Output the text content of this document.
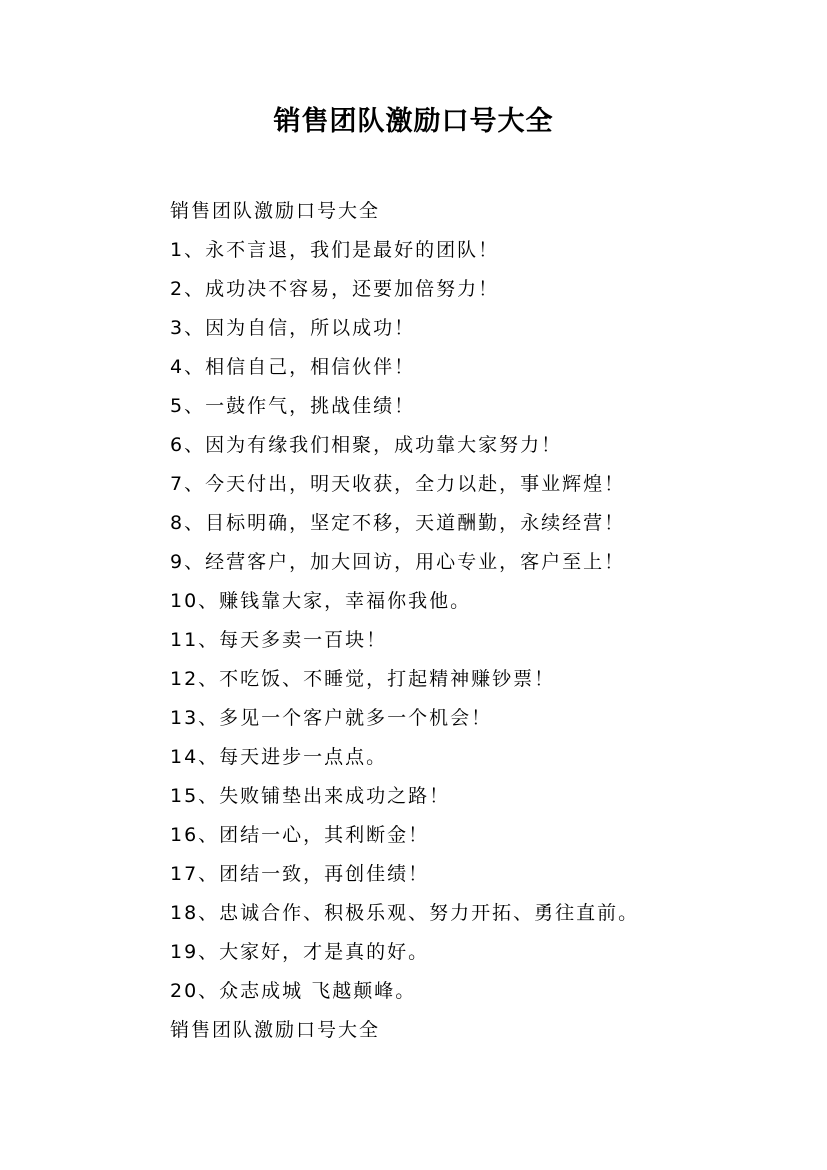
销售团队激励口号大全
销售团队激励口号大全
1、永不言退，我们是最好的团队！
2、成功决不容易，还要加倍努力！
3、因为自信，所以成功！
4、相信自己，相信伙伴！
5、一鼓作气，挑战佳绩！
6、因为有缘我们相聚，成功靠大家努力！
7、今天付出，明天收获，全力以赴，事业辉煌！
8、目标明确，坚定不移，天道酬勤，永续经营！
9、经营客户，加大回访，用心专业，客户至上！
10、赚钱靠大家，幸福你我他。
11、每天多卖一百块！
12、不吃饭、不睡觉，打起精神赚钞票！
13、多见一个客户就多一个机会！
14、每天进步一点点。
15、失败铺垫出来成功之路！
16、团结一心，其利断金！
17、团结一致，再创佳绩！
18、忠诚合作、积极乐观、努力开拓、勇往直前。
19、大家好，才是真的好。
20、众志成城 飞越颠峰。
销售团队激励口号大全
